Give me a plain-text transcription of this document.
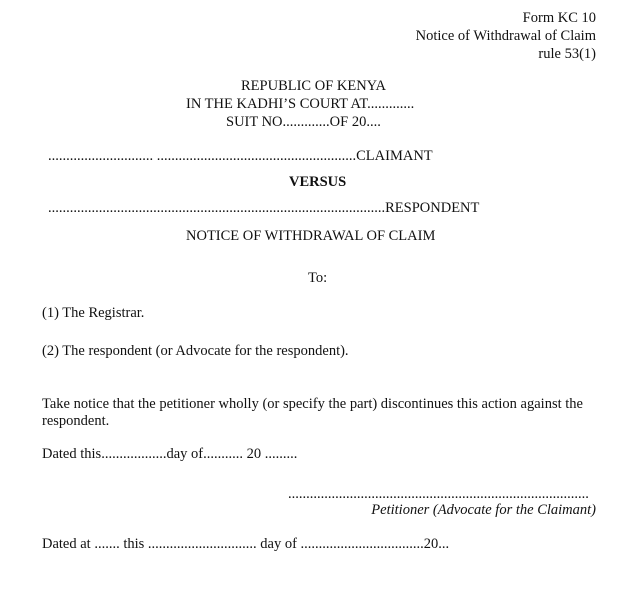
Form KC 10
Notice of Withdrawal of Claim
rule 53(1)
REPUBLIC OF KENYA
IN THE KADHI’S COURT AT.............
SUIT NO.............OF 20....
............................. .......................................................CLAIMANT
VERSUS
.............................................................................................RESPONDENT
NOTICE OF WITHDRAWAL OF CLAIM
To:
(1) The Registrar.
(2) The respondent (or Advocate for the respondent).
Take notice that the petitioner wholly (or specify the part) discontinues this action against the respondent.
Dated this..................day of........... 20 .........
...................................................................................
Petitioner (Advocate for the Claimant)
Dated at ....... this .............................. day of ..................................20...
